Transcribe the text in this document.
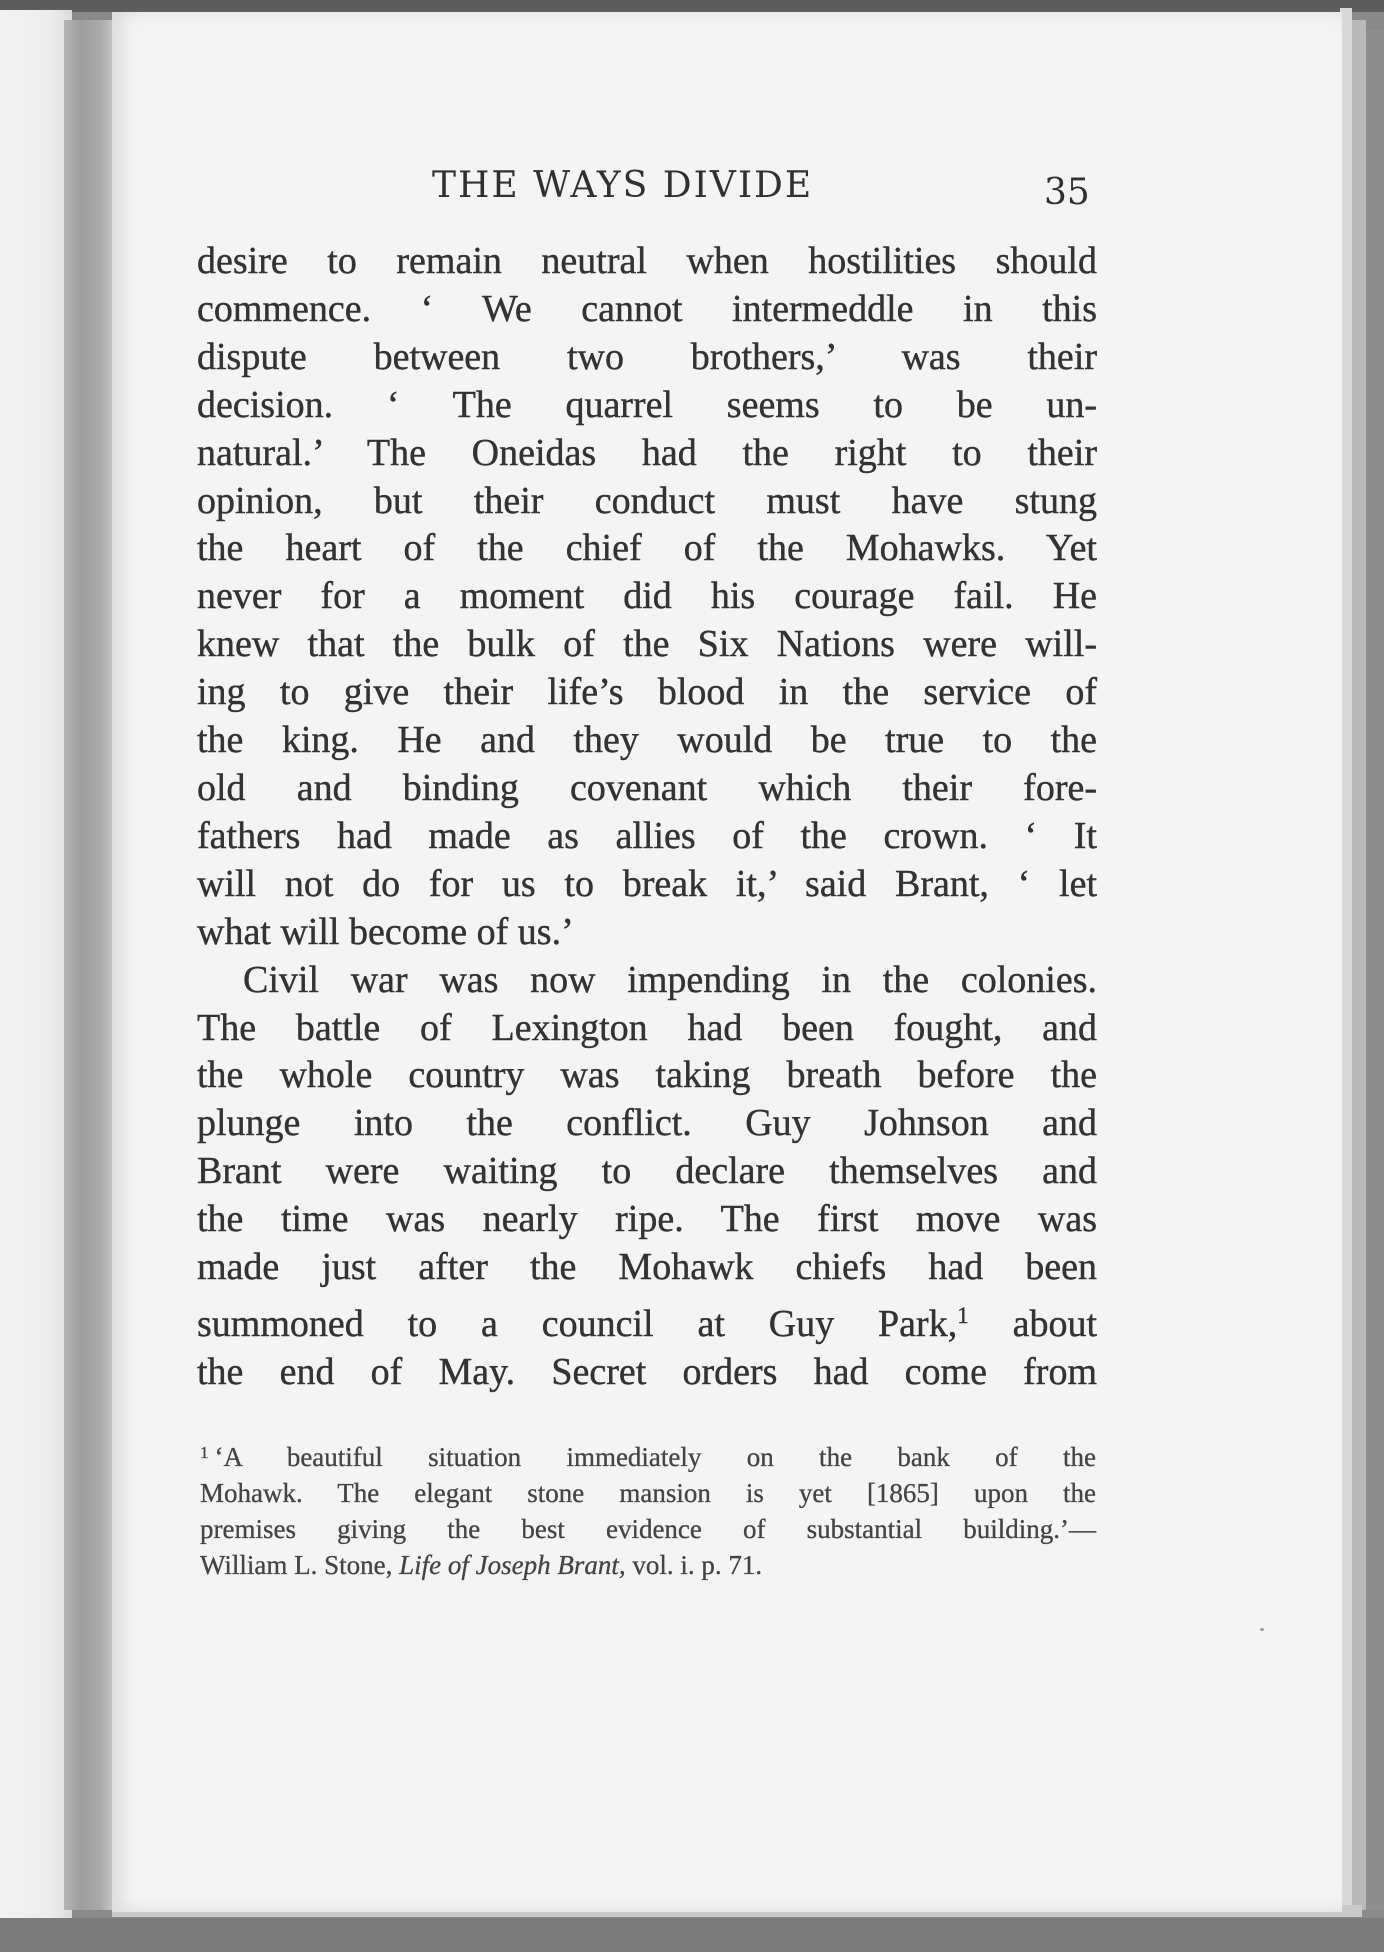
THE WAYS DIVIDE	35
desire to remain neutral when hostilities should
commence. ‘ We cannot intermeddle in this
dispute between two brothers,’ was their
decision. ‘ The quarrel seems to be un-
natural.’ The Oneidas had the right to their
opinion, but their conduct must have stung
the heart of the chief of the Mohawks. Yet
never for a moment did his courage fail. He
knew that the bulk of the Six Nations were will-
ing to give their life’s blood in the service of
the king. He and they would be true to the
old and binding covenant which their fore-
fathers had made as allies of the crown. ‘ It
will not do for us to break it,’ said Brant, ‘ let
what will become of us.’
Civil war was now impending in the colonies.
The battle of Lexington had been fought, and
the whole country was taking breath before the
plunge into the conflict. Guy Johnson and
Brant were waiting to declare themselves and
the time was nearly ripe. The first move was
made just after the Mohawk chiefs had been
summoned to a council at Guy Park,$^1$ about
the end of May. Secret orders had come from
$^1$ ‘A beautiful situation immediately on the bank of the
Mohawk. The elegant stone mansion is yet [1865] upon the
premises giving the best evidence of substantial building.’—
William L. Stone, Life of Joseph Brant, vol. i. p. 71.
